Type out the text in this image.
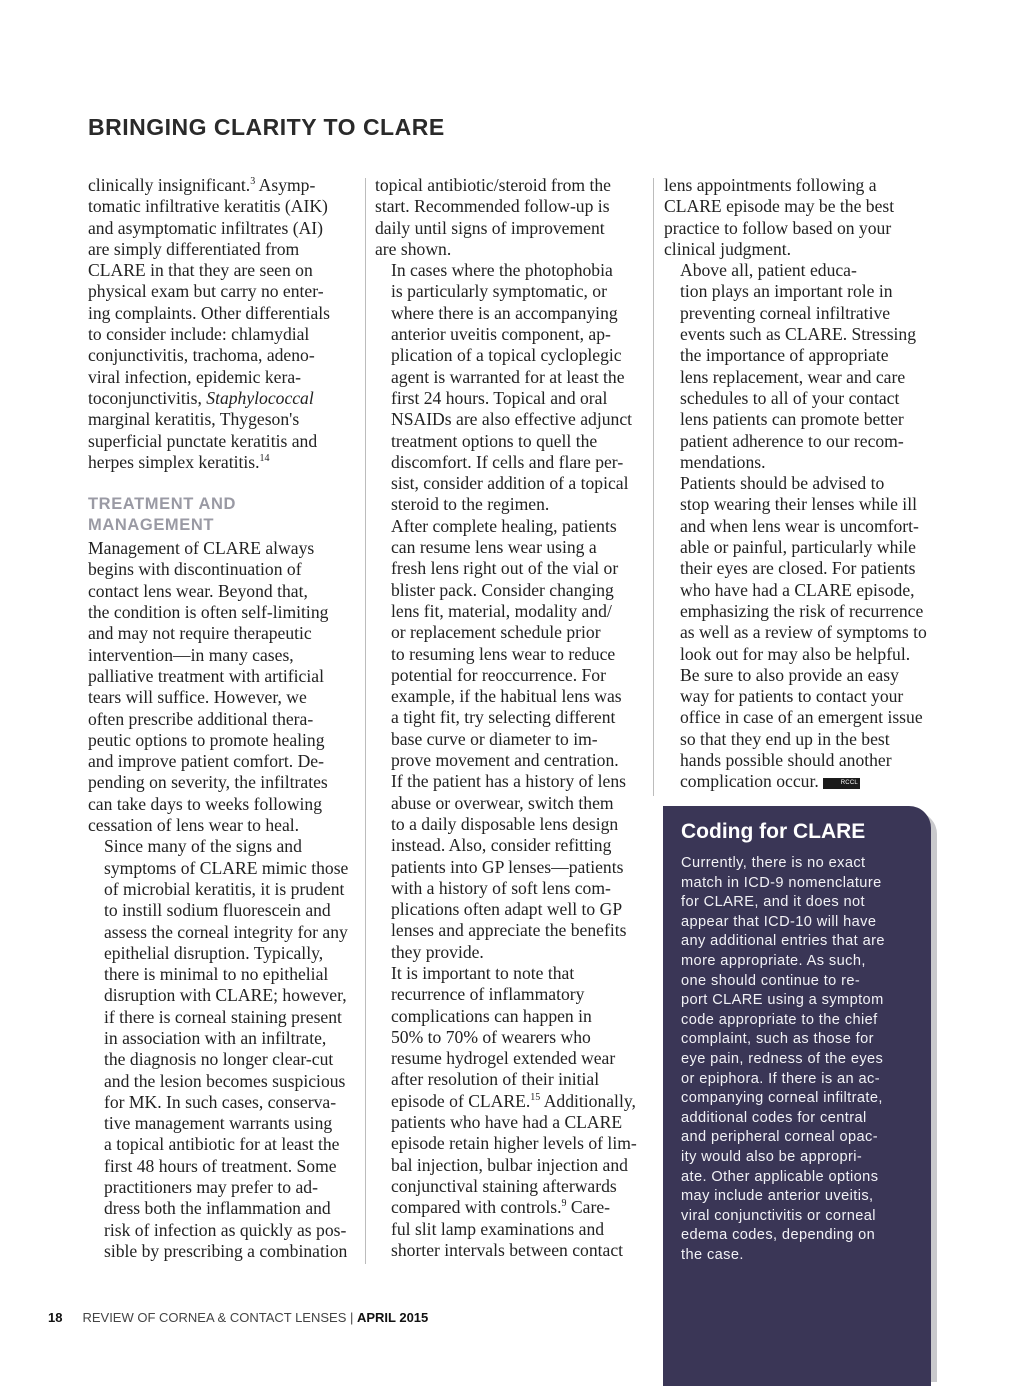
BRINGING CLARITY TO CLARE

clinically insignificant.$^3$ Asymp-
tomatic infiltrative keratitis (AIK)
and asymptomatic infiltrates (AI)
are simply differentiated from
CLARE in that they are seen on
physical exam but carry no enter-
ing complaints. Other differentials
to consider include: chlamydial
conjunctivitis, trachoma, adeno-
viral infection, epidemic kera-
toconjunctivitis, Staphylococcal
marginal keratitis, Thygeson's
superficial punctate keratitis and
herpes simplex keratitis.$^{14}$

TREATMENT AND
MANAGEMENT

Management of CLARE always
begins with discontinuation of
contact lens wear. Beyond that,
the condition is often self-limiting
and may not require therapeutic
intervention—in many cases,
palliative treatment with artificial
tears will suffice. However, we
often prescribe additional thera-
peutic options to promote healing
and improve patient comfort. De-
pending on severity, the infiltrates
can take days to weeks following
cessation of lens wear to heal.

Since many of the signs and
symptoms of CLARE mimic those
of microbial keratitis, it is prudent
to instill sodium fluorescein and
assess the corneal integrity for any
epithelial disruption. Typically,
there is minimal to no epithelial
disruption with CLARE; however,
if there is corneal staining present
in association with an infiltrate,
the diagnosis no longer clear-cut
and the lesion becomes suspicious
for MK. In such cases, conserva-
tive management warrants using
a topical antibiotic for at least the
first 48 hours of treatment. Some
practitioners may prefer to ad-
dress both the inflammation and
risk of infection as quickly as pos-
sible by prescribing a combination

topical antibiotic/steroid from the
start. Recommended follow-up is
daily until signs of improvement
are shown.

In cases where the photophobia
is particularly symptomatic, or
where there is an accompanying
anterior uveitis component, ap-
plication of a topical cycloplegic
agent is warranted for at least the
first 24 hours. Topical and oral
NSAIDs are also effective adjunct
treatment options to quell the
discomfort. If cells and flare per-
sist, consider addition of a topical
steroid to the regimen.

After complete healing, patients
can resume lens wear using a
fresh lens right out of the vial or
blister pack. Consider changing
lens fit, material, modality and/
or replacement schedule prior
to resuming lens wear to reduce
potential for reoccurrence. For
example, if the habitual lens was
a tight fit, try selecting different
base curve or diameter to im-
prove movement and centration.
If the patient has a history of lens
abuse or overwear, switch them
to a daily disposable lens design
instead. Also, consider refitting
patients into GP lenses—patients
with a history of soft lens com-
plications often adapt well to GP
lenses and appreciate the benefits
they provide.

It is important to note that
recurrence of inflammatory
complications can happen in
50% to 70% of wearers who
resume hydrogel extended wear
after resolution of their initial
episode of CLARE.$^{15}$ Additionally,
patients who have had a CLARE
episode retain higher levels of lim-
bal injection, bulbar injection and
conjunctival staining afterwards
compared with controls.$^9$ Care-
ful slit lamp examinations and
shorter intervals between contact

lens appointments following a
CLARE episode may be the best
practice to follow based on your
clinical judgment.

Above all, patient educa-
tion plays an important role in
preventing corneal infiltrative
events such as CLARE. Stressing
the importance of appropriate
lens replacement, wear and care
schedules to all of your contact
lens patients can promote better
patient adherence to our recom-
mendations.

Patients should be advised to
stop wearing their lenses while ill
and when lens wear is uncomfort-
able or painful, particularly while
their eyes are closed. For patients
who have had a CLARE episode,
emphasizing the risk of recurrence
as well as a review of symptoms to
look out for may also be helpful.
Be sure to also provide an easy
way for patients to contact your
office in case of an emergent issue
so that they end up in the best
hands possible should another
complication occur.	RCCL

Coding for CLARE
Currently, there is no exact
match in ICD-9 nomenclature
for CLARE, and it does not
appear that ICD-10 will have
any additional entries that are
more appropriate. As such,
one should continue to re-
port CLARE using a symptom
code appropriate to the chief
complaint, such as those for
eye pain, redness of the eyes
or epiphora. If there is an ac-
companying corneal infiltrate,
additional codes for central
and peripheral corneal opac-
ity would also be appropri-
ate. Other applicable options
may include anterior uveitis,
viral conjunctivitis or corneal
edema codes, depending on
the case.
18 REVIEW OF CORNEA & CONTACT LENSES | APRIL 2015
